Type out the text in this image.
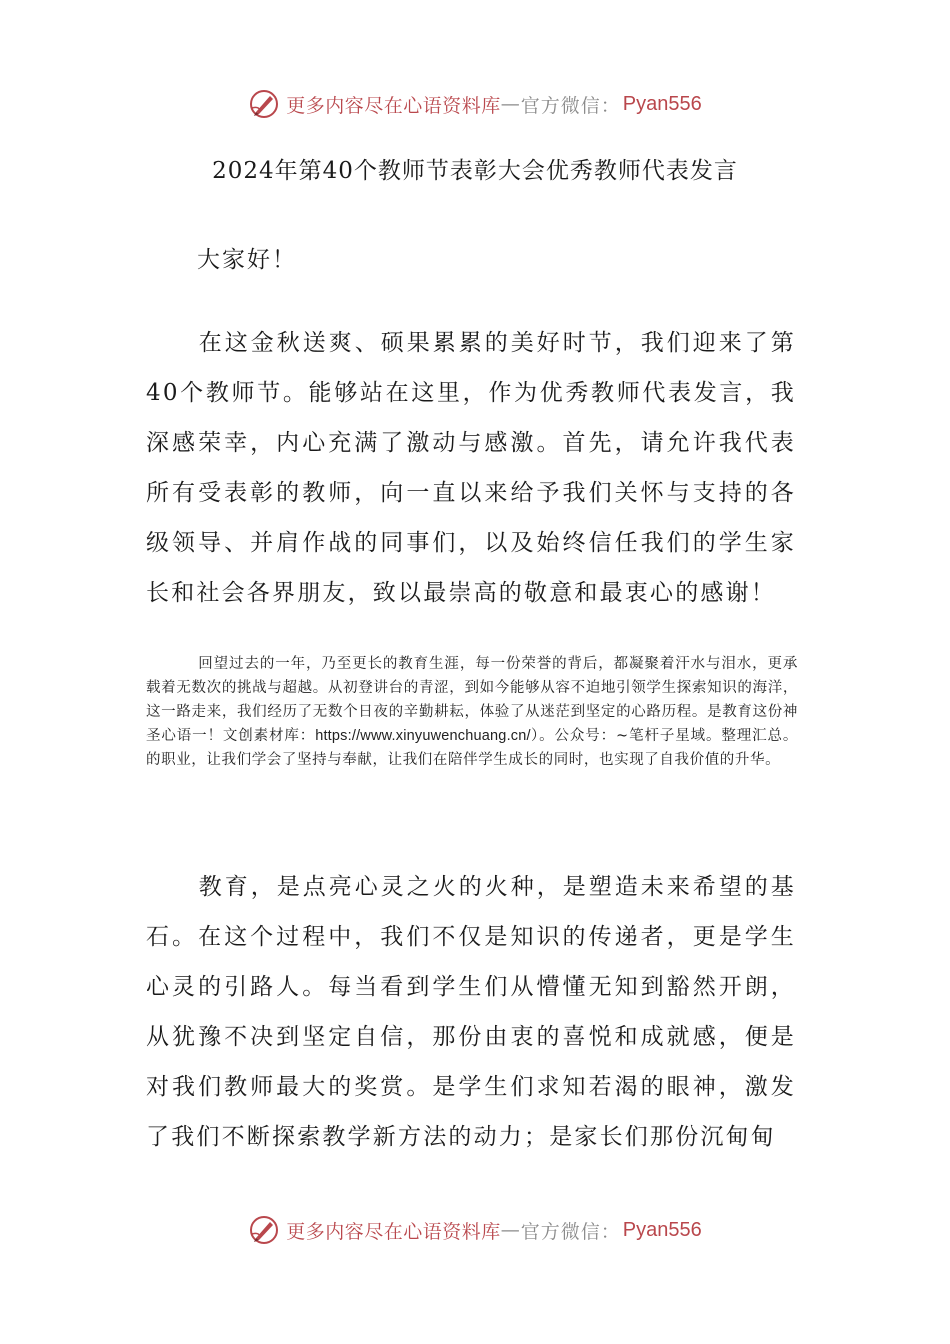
更多内容尽在心语资料库 — 官方微信： Pyan556
2024年第40个教师节表彰大会优秀教师代表发言
大家好！

在这金秋送爽、硕果累累的美好时节，我们迎来了第40个教师节。能够站在这里，作为优秀教师代表发言，我深感荣幸，内心充满了激动与感激。首先，请允许我代表所有受表彰的教师，向一直以来给予我们关怀与支持的各级领导、并肩作战的同事们，以及始终信任我们的学生家长和社会各界朋友，致以最崇高的敬意和最衷心的感谢！

回望过去的一年，乃至更长的教育生涯，每一份荣誉的背后，都凝聚着汗水与泪水，更承载着无数次的挑战与超越。从初登讲台的青涩，到如今能够从容不迫地引领学生探索知识的海洋，这一路走来，我们经历了无数个日夜的辛勤耕耘，体验了从迷茫到坚定的心路历程。是教育这份神圣心语一！文创素材库：https://www.xinyuwenchuang.cn/）。公众号：~笔杆子星域。整理汇总。的职业，让我们学会了坚持与奉献，让我们在陪伴学生成长的同时，也实现了自我价值的升华。

教育，是点亮心灵之火的火种，是塑造未来希望的基石。在这个过程中，我们不仅是知识的传递者，更是学生心灵的引路人。每当看到学生们从懵懂无知到豁然开朗，从犹豫不决到坚定自信，那份由衷的喜悦和成就感，便是对我们教师最大的奖赏。是学生们求知若渴的眼神，激发了我们不断探索教学新方法的动力；是家长们那份沉甸甸

更多内容尽在心语资料库 — 官方微信： Pyan556
